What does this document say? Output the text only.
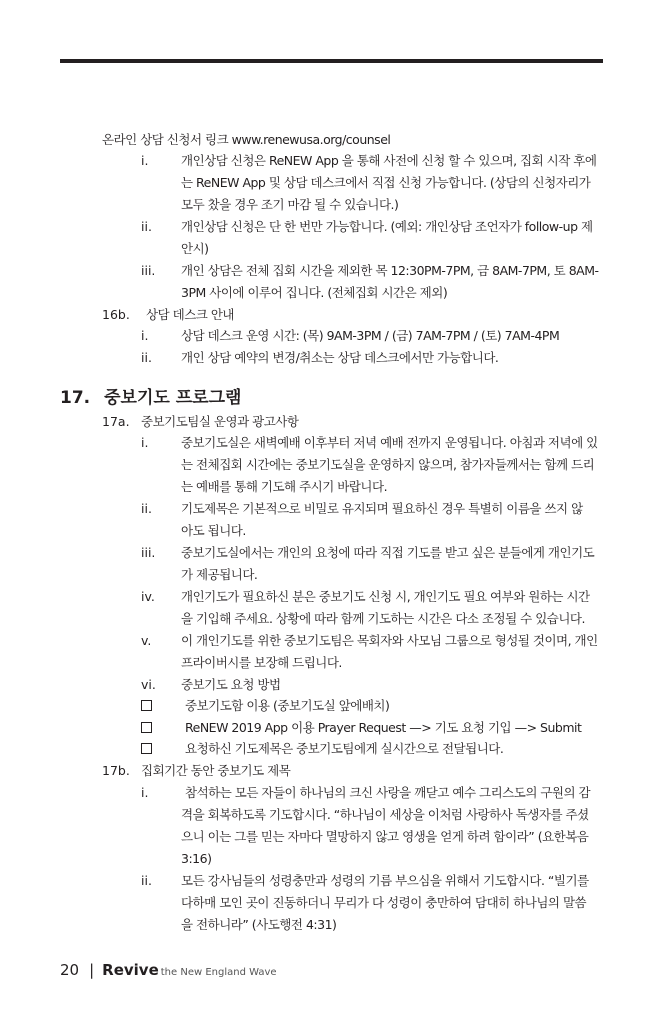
온라인 상담 신청서 링크 www.renewusa.org/counsel
i.	개인상담 신청은 ReNEW App 을 통해 사전에 신청 할 수 있으며, 집회 시작 후에
는 ReNEW App 및 상담 데스크에서 직접 신청 가능합니다. (상담의 신청자리가
모두 찼을 경우 조기 마감 될 수 있습니다.)
ii. 개인상담 신청은 단 한 번만 가능합니다. (예외: 개인상담 조언자가 follow-up 제
안시)
iii. 개인 상담은 전체 집회 시간을 제외한 목 12:30PM-7PM, 금 8AM-7PM, 토 8AM-
3PM 사이에 이루어 집니다. (전체집회 시간은 제외)
16b. 상담 데스크 안내
i.	상담 데스크 운영 시간: (목) 9AM-3PM / (금) 7AM-7PM / (토) 7AM-4PM
ii. 개인 상담 예약의 변경/취소는 상담 데스크에서만 가능합니다.
17. 중보기도 프로그램
17a. 중보기도팀실 운영과 광고사항
i.	중보기도실은 새벽예배 이후부터 저녁 예배 전까지 운영됩니다. 아침과 저녁에 있
는 전체집회 시간에는 중보기도실을 운영하지 않으며, 참가자들께서는 함께 드리
는 예배를 통해 기도해 주시기 바랍니다.
ii. 기도제목은 기본적으로 비밀로 유지되며 필요하신 경우 특별히 이름을 쓰지 않
아도 됩니다.
iii. 중보기도실에서는 개인의 요청에 따라 직접 기도를 받고 싶은 분들에게 개인기도
가 제공됩니다.
iv. 개인기도가 필요하신 분은 중보기도 신청 시, 개인기도 필요 여부와 원하는 시간
을 기입해 주세요. 상황에 따라 함께 기도하는 시간은 다소 조정될 수 있습니다.
v. 이 개인기도를 위한 중보기도팀은 목회자와 사모님 그룹으로 형성될 것이며, 개인
프라이버시를 보장해 드립니다.
vi. 중보기도 요청 방법
중보기도함 이용 (중보기도실 앞에배치)
ReNEW 2019 App 이용 Prayer Request —> 기도 요청 기입 —> Submit
요청하신 기도제목은 중보기도팀에게 실시간으로 전달됩니다.
17b. 집회기간 동안 중보기도 제목
i.	참석하는 모든 자들이 하나님의 크신 사랑을 깨닫고 예수 그리스도의 구원의 감
격을 회복하도록 기도합시다. “하나님이 세상을 이처럼 사랑하사 독생자를 주셨
으니 이는 그를 믿는 자마다 멸망하지 않고 영생을 얻게 하려 함이라” (요한복음
3:16)
ii. 모든 강사님들의 성령충만과 성령의 기름 부으심을 위해서 기도합시다. “빌기를
다하매 모인 곳이 진동하더니 무리가 다 성령이 충만하여 담대히 하나님의 말씀
을 전하니라” (사도행전 4:31)
20 | Revive the New England Wave
